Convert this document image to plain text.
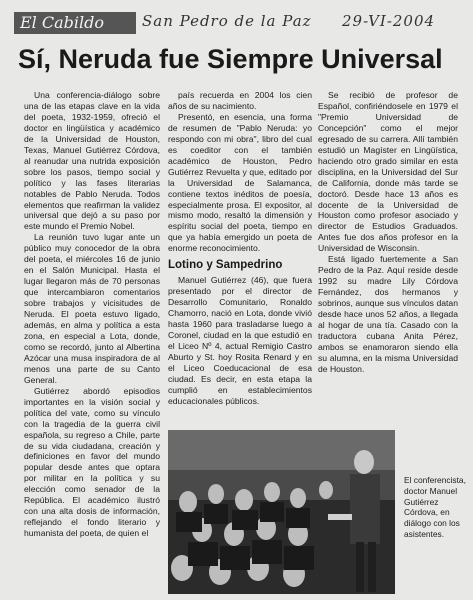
El Cabildo	San Pedro de la Paz 29-VI-2004
Sí, Neruda fue Siempre Universal

Una conferencia-diálogo sobre una de las etapas clave en la vida del poeta, 1932-1959, ofreció el doctor en lingüística y académico de la Universidad de Houston, Texas, Manuel Gutiérrez Córdova, al reanudar una nutrida exposición sobre los pasos, tiempo social y político y las fases literarias notables de Pablo Neruda. Todos elementos que reafirman la validez universal que dejó a su paso por este mundo el Premio Nobel.

La reunión tuvo lugar ante un público muy conocedor de la obra del poeta, el miércoles 16 de junio en el Salón Municipal. Hasta el lugar llegaron más de 70 personas que intercambiaron comentarios sobre trabajos y vicisitudes de Neruda. El poeta estuvo ligado, además, en alma y política a esta zona, en especial a Lota, donde, como se recordó, junto al Albertina Azócar una musa inspiradora de al menos una parte de su Canto General.

Gutiérrez abordó episodios importantes en la visión social y política del vate, como su vínculo con la tragedia de la guerra civil española, su regreso a Chile, parte de su vida ciudadana, creación y definiciones en favor del mundo popular desde antes que optara por militar en la política y su elección como senador de la República. El académico ilustró con una alta dosis de información, reflejando el fondo literario y humanista del poeta, de quien el

país recuerda en 2004 los cien años de su nacimiento.

Presentó, en esencia, una forma de resumen de "Pablo Neruda: yo respondo con mi obra", libro del cual es coeditor con el también académico de Houston, Pedro Gutiérrez Revuelta y que, editado por la Universidad de Salamanca, contiene textos inéditos de poesía, especialmente prosa. El expositor, al mismo modo, resaltó la dimensión y espíritu social del poeta, tiempo en que ya había emergido un poeta de enorme reconocimiento.

Lotino y Sampedrino

Manuel Gutiérrez (46), que fuera presentado por el director de Desarrollo Comunitario, Ronaldo Chamorro, nació en Lota, donde vivió hasta 1960 para trasladarse luego a Coronel, ciudad en la que estudió en el Liceo Nº 4, actual Remigio Castro Aburto y St. hoy Rosita Renard y en el Liceo Coeducacional de esa ciudad. Es decir, en esta etapa la cumplió en establecimientos educacionales públicos.

Se recibió de profesor de Español, confiriéndosele en 1979 el "Premio Universidad de Concepción" como el mejor egresado de su carrera. Allí también estudió un Magíster en Lingüística, haciendo otro grado similar en esta disciplina, en la Universidad del Sur de California, donde más tarde se doctoró. Desde hace 13 años es docente de la Universidad de Houston como profesor asociado y director de Estudios Graduados. Antes fue dos años profesor en la Universidad de Wisconsin.

Está ligado fuertemente a San Pedro de la Paz. Aquí reside desde 1992 su madre Lily Córdova Fernández, dos hermanos y sobrinos, aunque sus vínculos datan desde hace unos 52 años, a llegada al hogar de una tía. Casado con la traductora cubana Anita Pérez, ambos se enamoraron siendo ella su alumna, en la misma Universidad de Houston.

El conferencista, doctor Manuel Gutiérrez Córdova, en diálogo con los asistentes.
